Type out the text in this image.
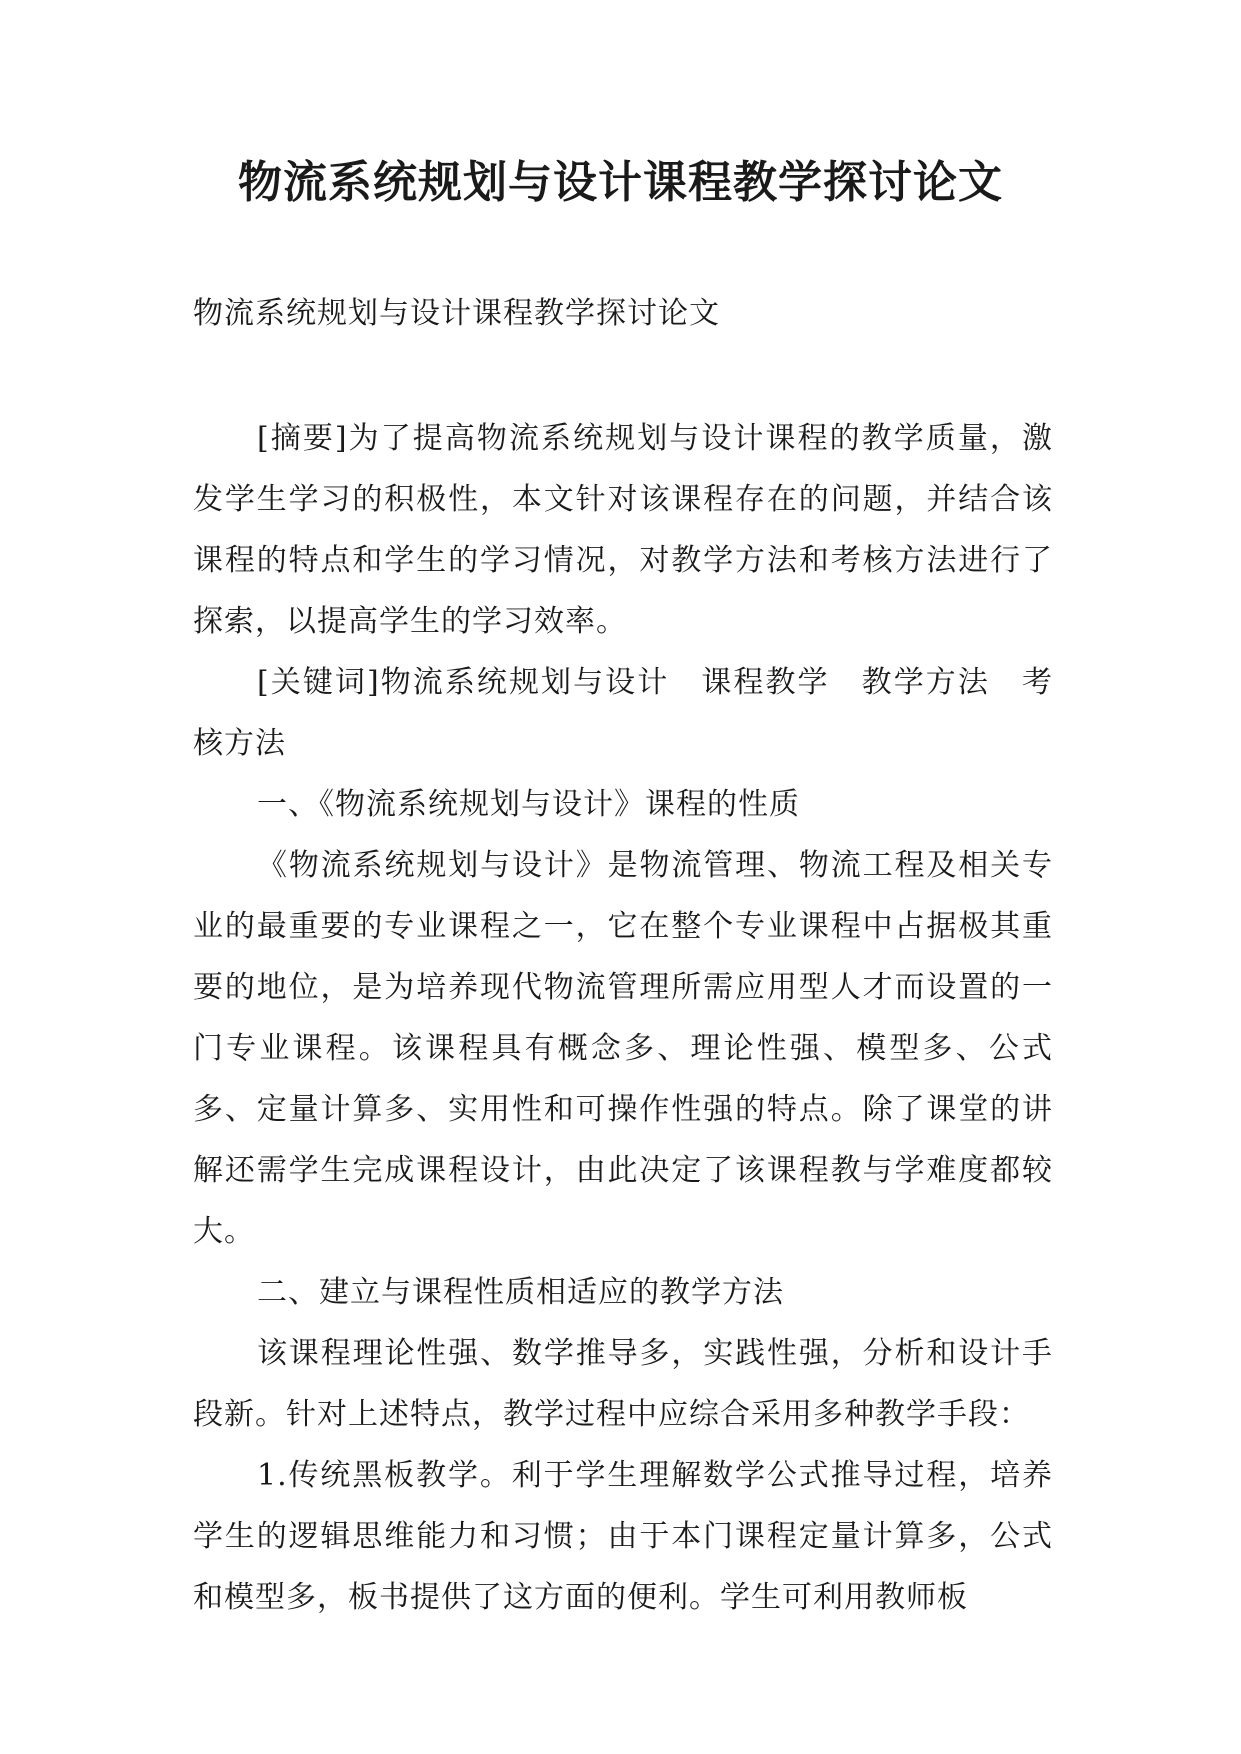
物流系统规划与设计课程教学探讨论文

物流系统规划与设计课程教学探讨论文

[摘要]为了提高物流系统规划与设计课程的教学质量，激发学生学习的积极性，本文针对该课程存在的问题，并结合该课程的特点和学生的学习情况，对教学方法和考核方法进行了探索，以提高学生的学习效率。

[关键词]物流系统规划与设计　课程教学　教学方法　考核方法

一、《物流系统规划与设计》课程的性质

《物流系统规划与设计》是物流管理、物流工程及相关专业的最重要的专业课程之一，它在整个专业课程中占据极其重要的地位，是为培养现代物流管理所需应用型人才而设置的一门专业课程。该课程具有概念多、理论性强、模型多、公式多、定量计算多、实用性和可操作性强的特点。除了课堂的讲解还需学生完成课程设计，由此决定了该课程教与学难度都较大。

二、建立与课程性质相适应的教学方法

该课程理论性强、数学推导多，实践性强，分析和设计手段新。针对上述特点，教学过程中应综合采用多种教学手段：

1.传统黑板教学。利于学生理解数学公式推导过程，培养学生的逻辑思维能力和习惯；由于本门课程定量计算多，公式和模型多，板书提供了这方面的便利。学生可利用教师板
